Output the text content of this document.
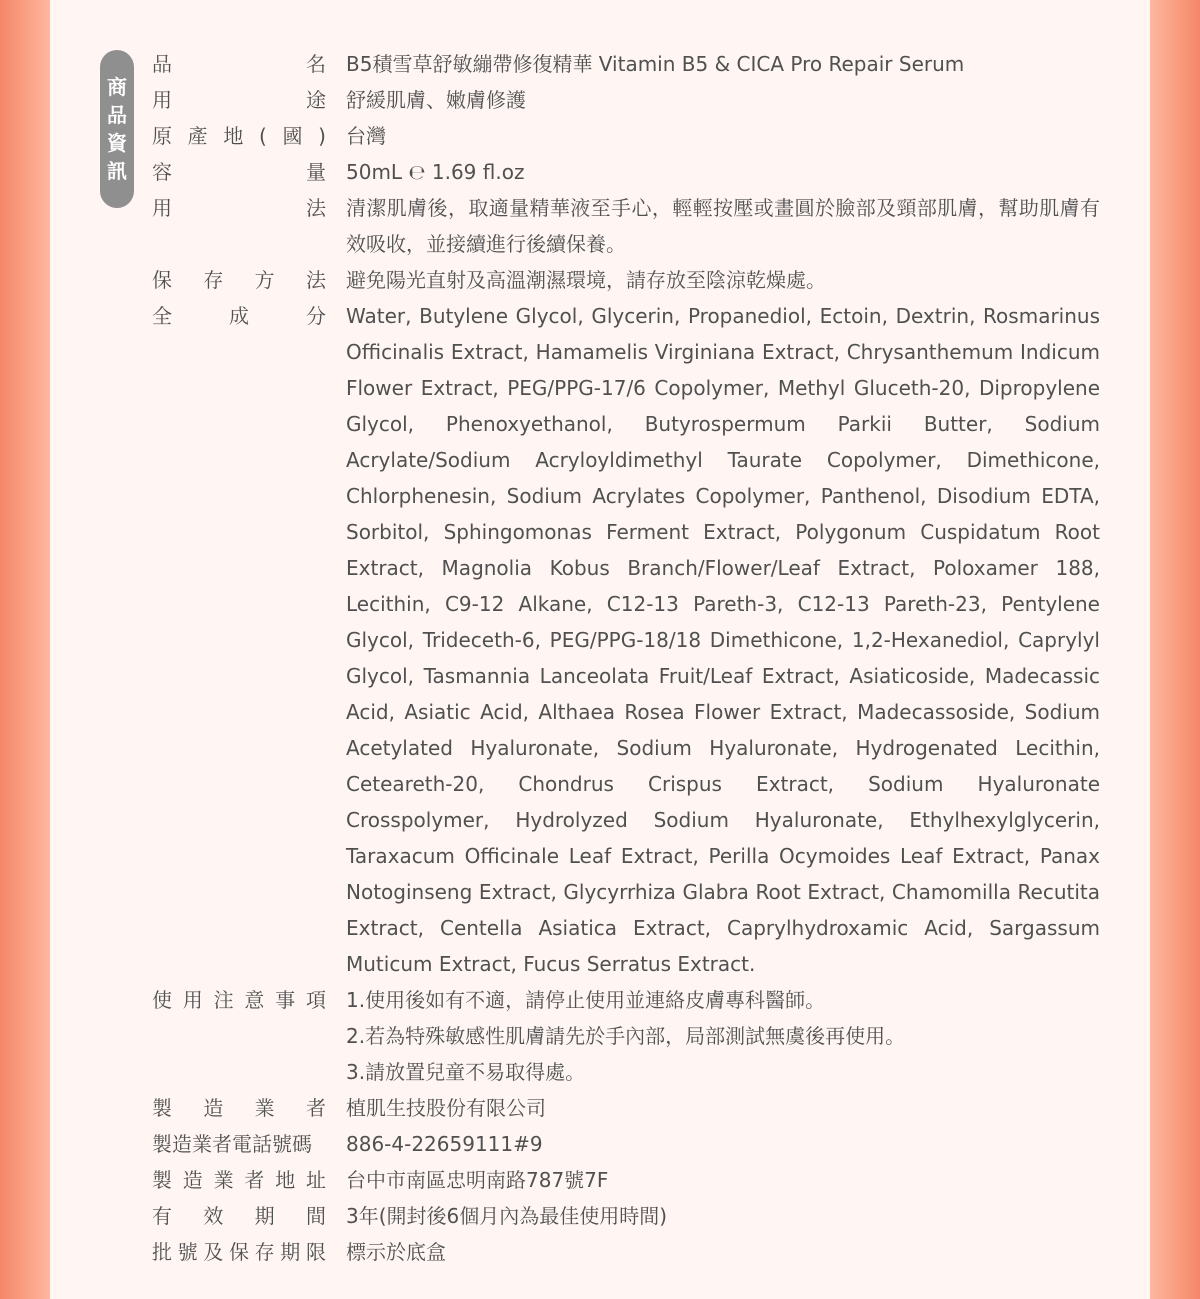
商
品
資
訊
品	名 B5積雪草舒敏繃帶修復精華 Vitamin B5 & CICA Pro Repair Serum
用	途 舒緩肌膚、嫩膚修護
原 產 地 ( 國 ) 台灣
容	量 50mL ℮ 1.69 fl.oz
用	法 清潔肌膚後，取適量精華液至手心，輕輕按壓或畫圓於臉部及頸部肌膚，幫助肌膚有效吸收，並接續進行後續保養。
保 存 方 法 避免陽光直射及高溫潮濕環境，請存放至陰涼乾燥處。
全	成	分 Water, Butylene Glycol, Glycerin, Propanediol, Ectoin, Dextrin, Rosmarinus Officinalis Extract, Hamamelis Virginiana Extract, Chrysanthemum Indicum Flower Extract, PEG/PPG-17/6 Copolymer, Methyl Gluceth-20, Dipropylene Glycol, Phenoxyethanol, Butyrospermum Parkii Butter, Sodium Acrylate/Sodium Acryloyldimethyl Taurate Copolymer, Dimethicone, Chlorphenesin, Sodium Acrylates Copolymer, Panthenol, Disodium EDTA, Sorbitol, Sphingomonas Ferment Extract, Polygonum Cuspidatum Root Extract, Magnolia Kobus Branch/Flower/Leaf Extract, Poloxamer 188, Lecithin, C9-12 Alkane, C12-13 Pareth-3, C12-13 Pareth-23, Pentylene Glycol, Trideceth-6, PEG/PPG-18/18 Dimethicone, 1,2-Hexanediol, Caprylyl Glycol, Tasmannia Lanceolata Fruit/Leaf Extract, Asiaticoside, Madecassic Acid, Asiatic Acid, Althaea Rosea Flower Extract, Madecassoside, Sodium Acetylated Hyaluronate, Sodium Hyaluronate, Hydrogenated Lecithin, Ceteareth-20, Chondrus Crispus Extract, Sodium Hyaluronate Crosspolymer, Hydrolyzed Sodium Hyaluronate, Ethylhexylglycerin, Taraxacum Officinale Leaf Extract, Perilla Ocymoides Leaf Extract, Panax Notoginseng Extract, Glycyrrhiza Glabra Root Extract, Chamomilla Recutita Extract, Centella Asiatica Extract, Caprylhydroxamic Acid, Sargassum Muticum Extract, Fucus Serratus Extract.
使 用 注 意 事 項 1.使用後如有不適，請停止使用並連絡皮膚專科醫師。
2.若為特殊敏感性肌膚請先於手內部，局部測試無虞後再使用。
3.請放置兒童不易取得處。
製 造 業 者 植肌生技股份有限公司
製造業者電話號碼 886-4-22659111#9
製 造 業 者 地 址 台中市南區忠明南路787號7F
有 效 期 間 3年(開封後6個月內為最佳使用時間)
批 號 及 保 存 期 限 標示於底盒
